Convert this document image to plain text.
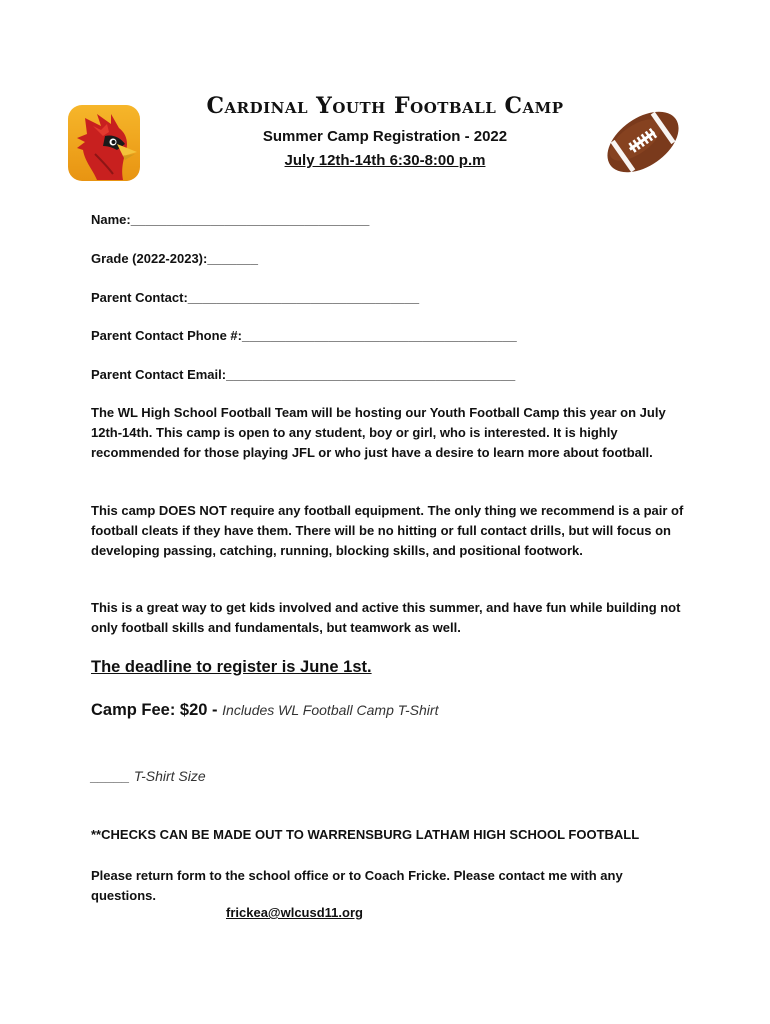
Cardinal Youth Football Camp
Summer Camp Registration - 2022
July 12th-14th 6:30-8:00 p.m
Name:_________________________________
Grade (2022-2023):_______
Parent Contact:________________________________
Parent Contact Phone #:______________________________________
Parent Contact Email:________________________________________
The WL High School Football Team will be hosting our Youth Football Camp this year on July 12th-14th. This camp is open to any student, boy or girl, who is interested. It is highly recommended for those playing JFL or who just have a desire to learn more about football.
This camp DOES NOT require any football equipment. The only thing we recommend is a pair of football cleats if they have them. There will be no hitting or full contact drills, but will focus on developing passing, catching, running, blocking skills, and positional footwork.
This is a great way to get kids involved and active this summer, and have fun while building not only football skills and fundamentals, but teamwork as well.
The deadline to register is June 1st.
Camp Fee: $20 - Includes WL Football Camp T-Shirt
_____ T-Shirt Size
**CHECKS CAN BE MADE OUT TO WARRENSBURG LATHAM HIGH SCHOOL FOOTBALL
Please return form to the school office or to Coach Fricke. Please contact me with any questions.
frickea@wlcusd11.org
